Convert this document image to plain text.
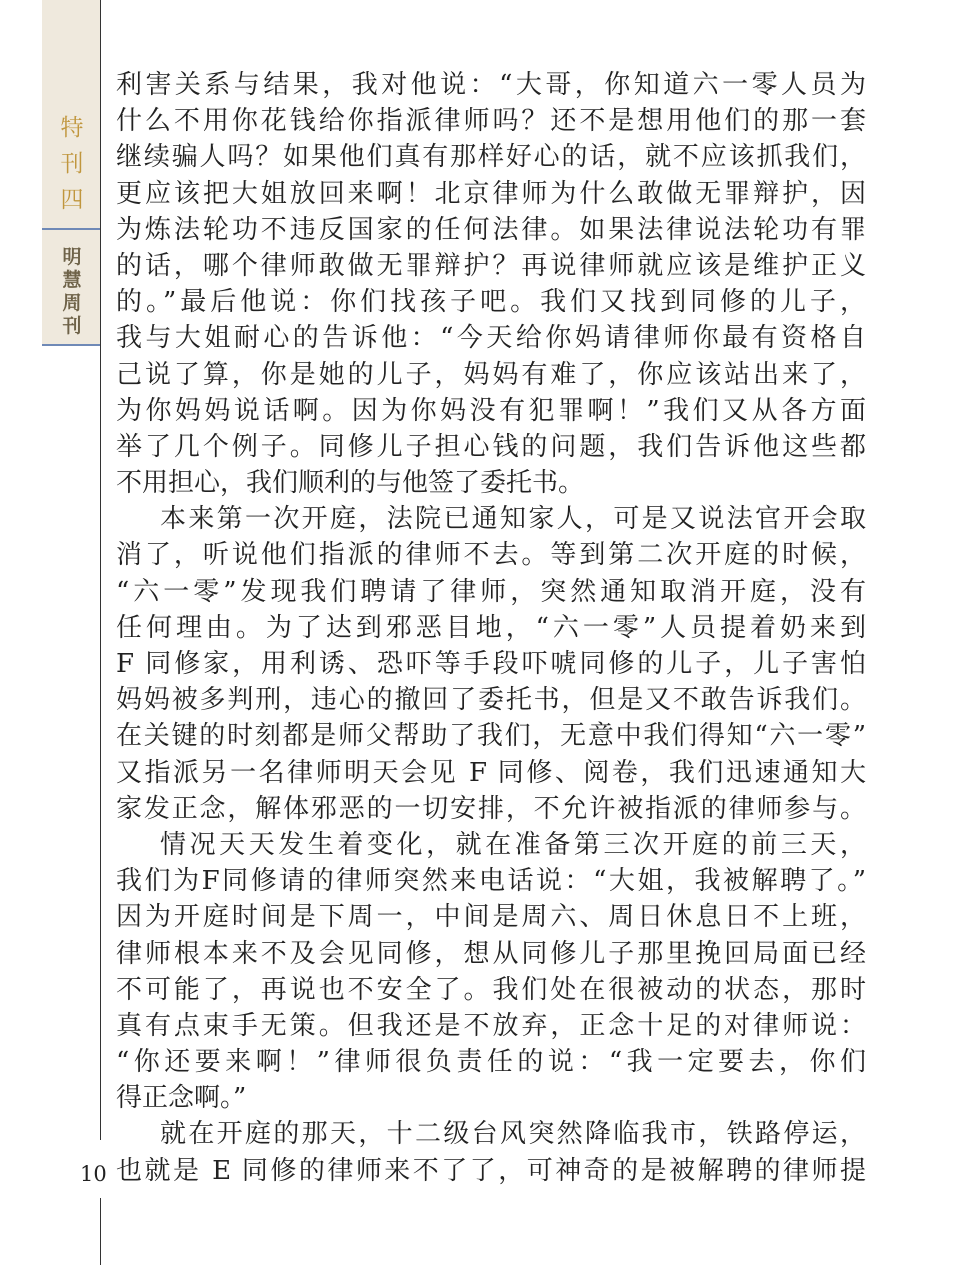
特
刊
四
明
慧
周
刊
利害关系与结果，我对他说：“大哥，你知道六一零人员为
什么不用你花钱给你指派律师吗？还不是想用他们的那一套
继续骗人吗？如果他们真有那样好心的话，就不应该抓我们，
更应该把大姐放回来啊！北京律师为什么敢做无罪辩护，因
为炼法轮功不违反国家的任何法律。如果法律说法轮功有罪
的话，哪个律师敢做无罪辩护？再说律师就应该是维护正义
的。”最后他说：你们找孩子吧。我们又找到同修的儿子，
我与大姐耐心的告诉他：“今天给你妈请律师你最有资格自
己说了算，你是她的儿子，妈妈有难了，你应该站出来了，
为你妈妈说话啊。因为你妈没有犯罪啊！”我们又从各方面
举了几个例子。同修儿子担心钱的问题，我们告诉他这些都
不用担心，我们顺利的与他签了委托书。
本来第一次开庭，法院已通知家人，可是又说法官开会取
消了，听说他们指派的律师不去。等到第二次开庭的时候，
“六一零”发现我们聘请了律师，突然通知取消开庭，没有
任何理由。为了达到邪恶目地，“六一零”人员提着奶来到
F 同修家，用利诱、恐吓等手段吓唬同修的儿子，儿子害怕
妈妈被多判刑，违心的撤回了委托书，但是又不敢告诉我们。
在关键的时刻都是师父帮助了我们，无意中我们得知“六一零”
又指派另一名律师明天会见 F 同修、阅卷，我们迅速通知大
家发正念，解体邪恶的一切安排，不允许被指派的律师参与。
情况天天发生着变化，就在准备第三次开庭的前三天，
我们为F同修请的律师突然来电话说：“大姐，我被解聘了。”
因为开庭时间是下周一，中间是周六、周日休息日不上班，
律师根本来不及会见同修，想从同修儿子那里挽回局面已经
不可能了，再说也不安全了。我们处在很被动的状态，那时
真有点束手无策。但我还是不放弃，正念十足的对律师说：
“你还要来啊！”律师很负责任的说：“我一定要去，你们
得正念啊。”
就在开庭的那天，十二级台风突然降临我市，铁路停运，
也就是 E 同修的律师来不了了，可神奇的是被解聘的律师提
10
